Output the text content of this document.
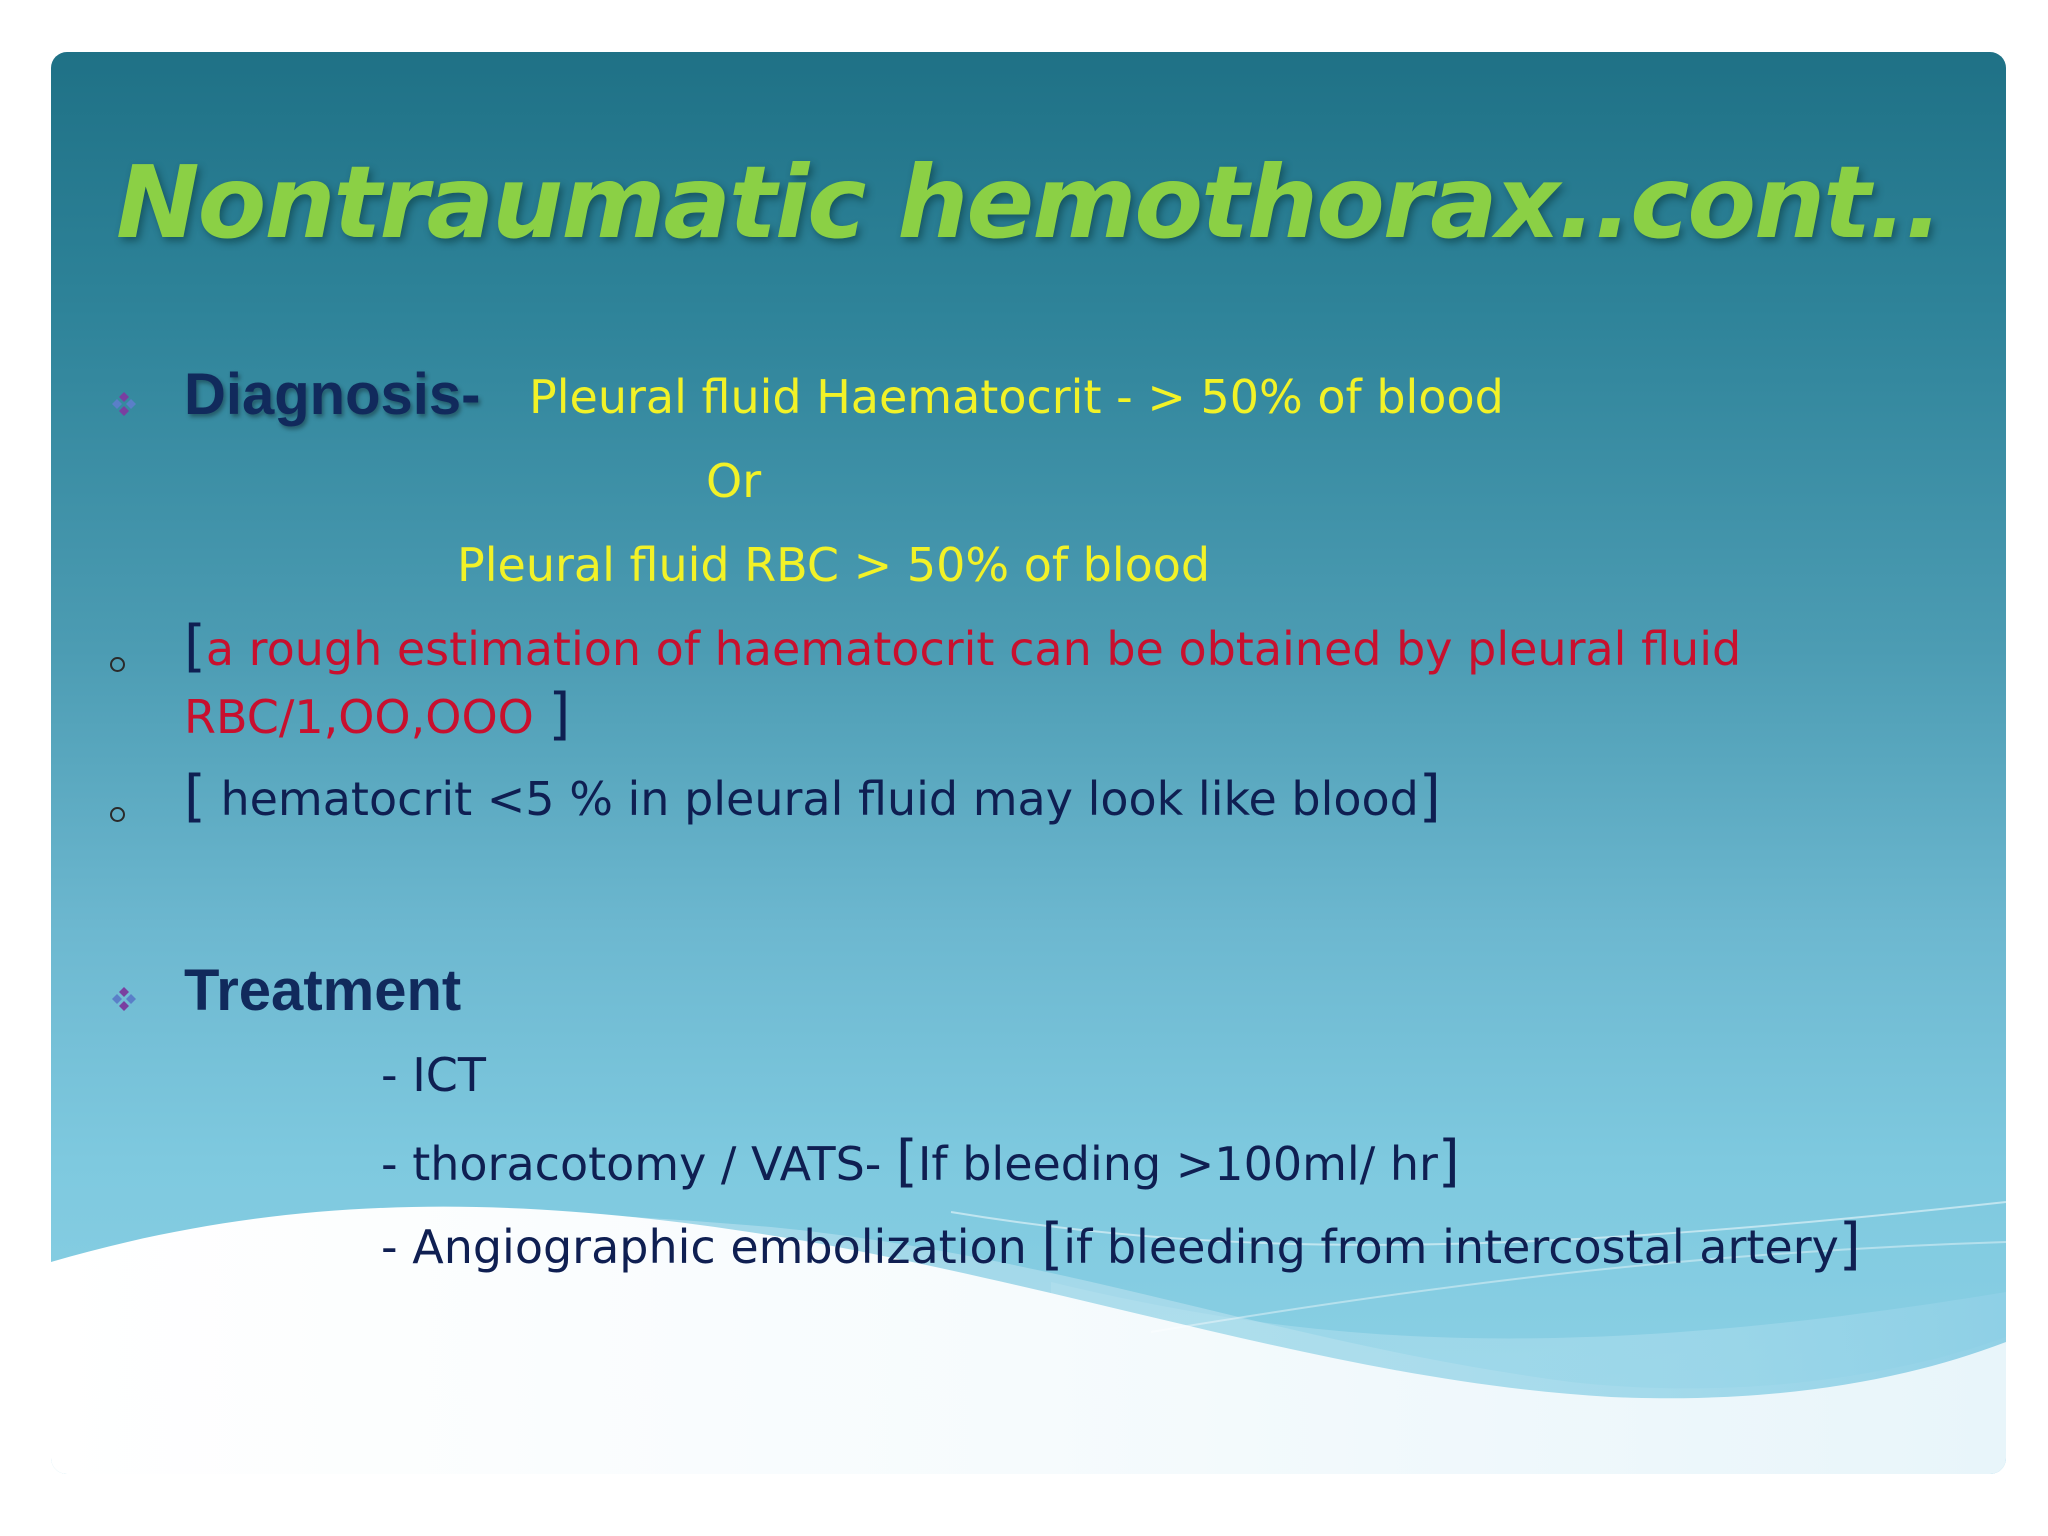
Nontraumatic hemothorax..cont..
Diagnosis- Pleural fluid Haematocrit - > 50% of blood
Or
Pleural fluid RBC > 50% of blood
[a rough estimation of haematocrit can be obtained by pleural fluid
RBC/1,OO,OOO ]
[ hematocrit <5 % in pleural fluid may look like blood]
Treatment
- ICT
- thoracotomy / VATS- [If bleeding >100ml/ hr]
- Angiographic embolization [if bleeding from intercostal artery]
